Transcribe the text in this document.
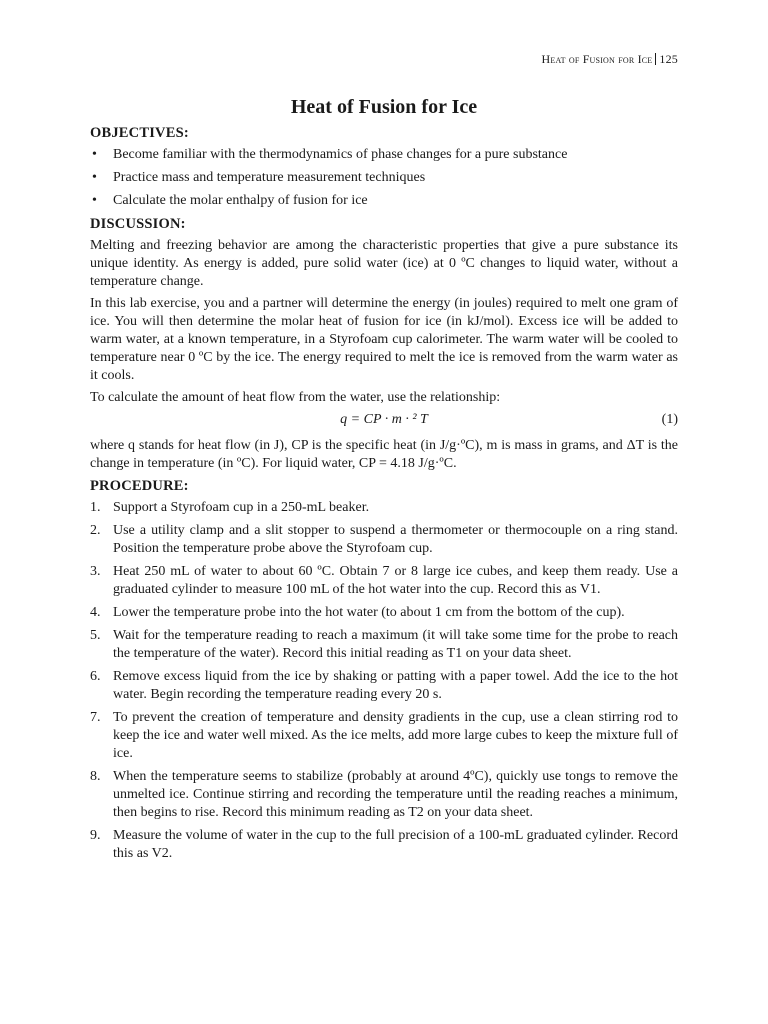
Heat of Fusion for Ice 125
Heat of Fusion for Ice
OBJECTIVES:
• Become familiar with the thermodynamics of phase changes for a pure substance
• Practice mass and temperature measurement techniques
• Calculate the molar enthalpy of fusion for ice
DISCUSSION:

Melting and freezing behavior are among the characteristic properties that give a pure substance its unique identity. As energy is added, pure solid water (ice) at 0 ºC changes to liquid water, without a temperature change.

In this lab exercise, you and a partner will determine the energy (in joules) required to melt one gram of ice. You will then determine the molar heat of fusion for ice (in kJ/mol). Excess ice will be added to warm water, at a known temperature, in a Styrofoam cup calorimeter. The warm water will be cooled to temperature near 0 ºC by the ice. The energy required to melt the ice is removed from the warm water as it cools.

To calculate the amount of heat flow from the water, use the relationship:

q = CP · m · ² T	(1)

where q stands for heat flow (in J), CP is the specific heat (in J/g·ºC), m is mass in grams, and ΔT is the change in temperature (in ºC). For liquid water, CP = 4.18 J/g·ºC.

PROCEDURE:
1. Support a Styrofoam cup in a 250-mL beaker.
2. Use a utility clamp and a slit stopper to suspend a thermometer or thermocouple on a ring stand. Position the temperature probe above the Styrofoam cup.
3. Heat 250 mL of water to about 60 ºC. Obtain 7 or 8 large ice cubes, and keep them ready. Use a graduated cylinder to measure 100 mL of the hot water into the cup. Record this as V1.
4. Lower the temperature probe into the hot water (to about 1 cm from the bottom of the cup).
5. Wait for the temperature reading to reach a maximum (it will take some time for the probe to reach the temperature of the water). Record this initial reading as T1 on your data sheet.
6. Remove excess liquid from the ice by shaking or patting with a paper towel. Add the ice to the hot water. Begin recording the temperature reading every 20 s.
7. To prevent the creation of temperature and density gradients in the cup, use a clean stirring rod to keep the ice and water well mixed. As the ice melts, add more large cubes to keep the mixture full of ice.
8. When the temperature seems to stabilize (probably at around 4ºC), quickly use tongs to remove the unmelted ice. Continue stirring and recording the temperature until the reading reaches a minimum, then begins to rise. Record this minimum reading as T2 on your data sheet.
9. Measure the volume of water in the cup to the full precision of a 100-mL graduated cylinder. Record this as V2.
